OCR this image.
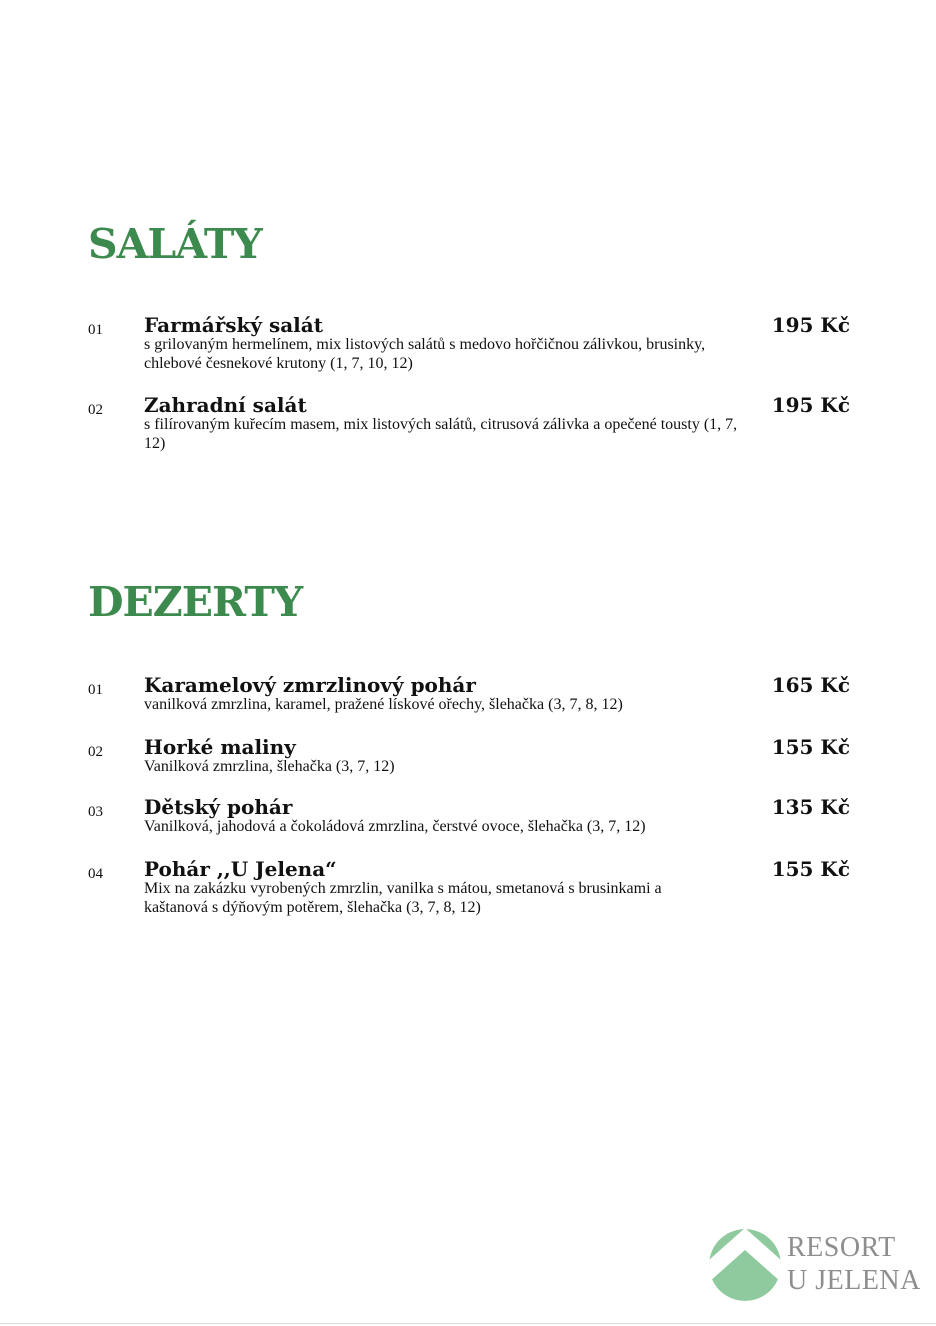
SALÁTY
01 Farmářský salát	195 Kč
s grilovaným hermelínem, mix listových salátů s medovo hořčičnou zálivkou, brusinky, chlebové česnekové krutony (1, 7, 10, 12)
02 Zahradní salát	195 Kč
s filírovaným kuřecím masem, mix listových salátů, citrusová zálivka a opečené tousty (1, 7, 12)
DEZERTY
01 Karamelový zmrzlinový pohár	165 Kč
vanilková zmrzlina, karamel, pražené lískové ořechy, šlehačka (3, 7, 8, 12)
02 Horké maliny	155 Kč
Vanilková zmrzlina, šlehačka (3, 7, 12)
03 Dětský pohár	135 Kč
Vanilková, jahodová a čokoládová zmrzlina, čerstvé ovoce, šlehačka (3, 7, 12)
04 Pohár ,,U Jelena“	155 Kč
Mix na zakázku vyrobených zmrzlin, vanilka s mátou, smetanová s brusinkami a kaštanová s dýňovým potěrem, šlehačka (3, 7, 8, 12)
RESORT
U JELENA
